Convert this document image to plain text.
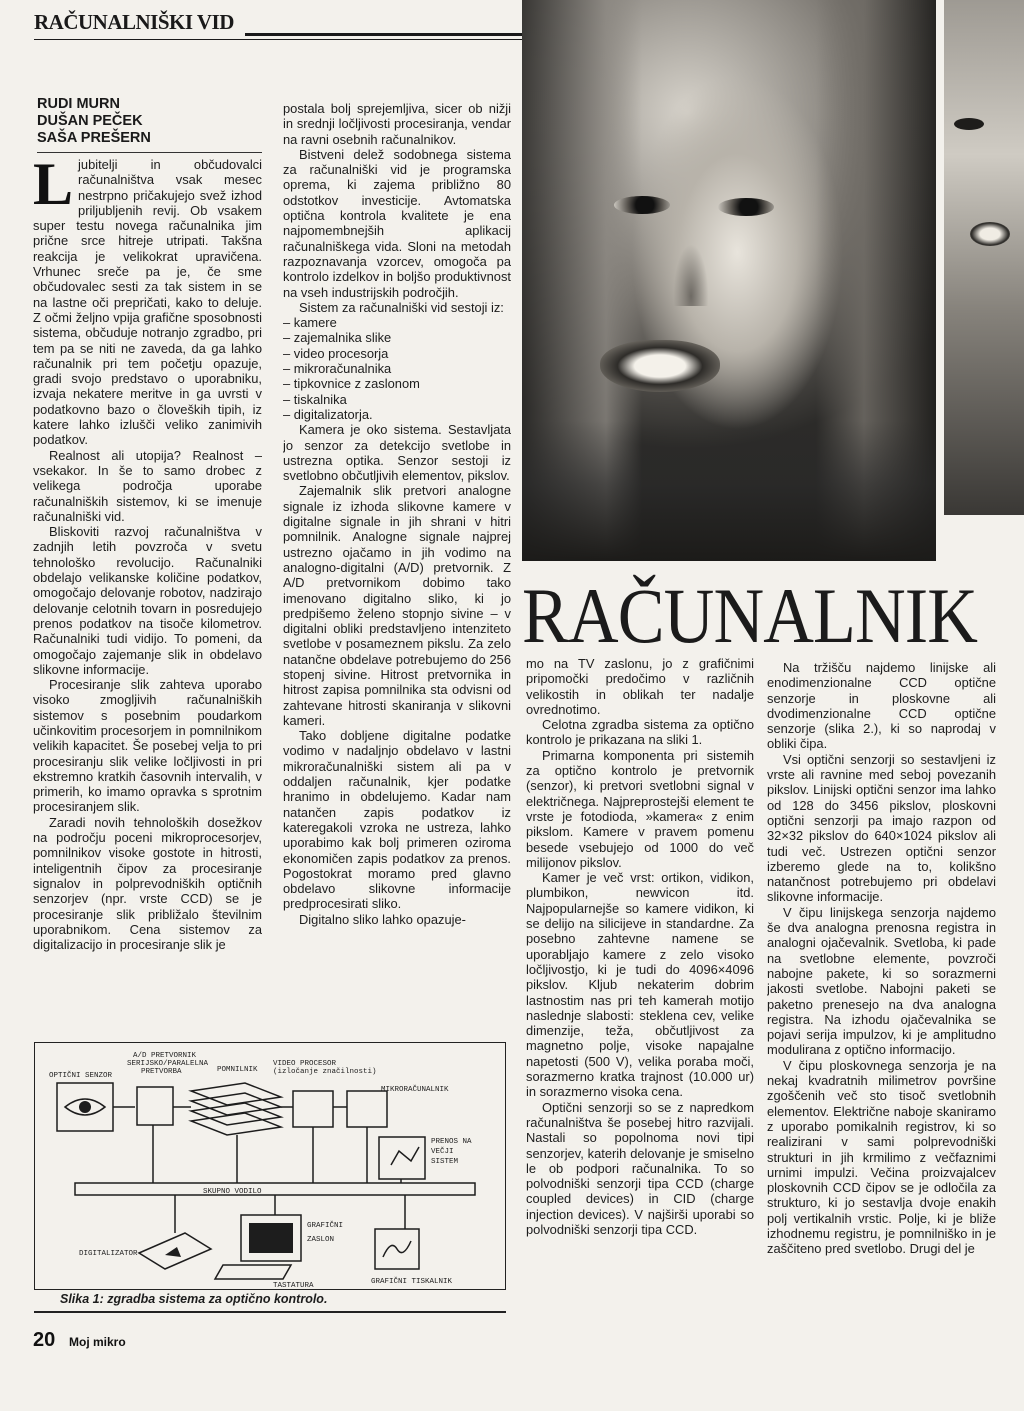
RAČUNALNIŠKI VID
RUDI MURN
DUŠAN PEČEK
SAŠA PREŠERN

Ljubitelji in občudovalci računalništva vsak mesec nestrpno pričakujejo svež izhod priljubljenih revij. Ob vsakem super testu novega računalnika jim prične srce hitreje utripati. Takšna reakcija je velikokrat upravičena. Vrhunec sreče pa je, če sme občudovalec sesti za tak sistem in se na lastne oči prepričati, kako to deluje. Z očmi željno vpija grafične sposobnosti sistema, občuduje notranjo zgradbo, pri tem pa se niti ne zaveda, da ga lahko računalnik pri tem početju opazuje, gradi svojo predstavo o uporabniku, izvaja nekatere meritve in ga uvrsti v podatkovno bazo o človeških tipih, iz katere lahko izlušči veliko zanimivih podatkov.

Realnost ali utopija? Realnost – vsekakor. In še to samo drobec z velikega področja uporabe računalniških sistemov, ki se imenuje računalniški vid.

Bliskoviti razvoj računalništva v zadnjih letih povzroča v svetu tehnološko revolucijo. Računalniki obdelajo velikanske količine podatkov, omogočajo delovanje robotov, nadzirajo delovanje celotnih tovarn in posredujejo prenos podatkov na tisoče kilometrov. Računalniki tudi vidijo. To pomeni, da omogočajo zajemanje slik in obdelavo slikovne informacije.

Procesiranje slik zahteva uporabo visoko zmogljivih računalniških sistemov s posebnim poudarkom učinkovitim procesorjem in pomnilnikom velikih kapacitet. Še posebej velja to pri procesiranju slik velike ločljivosti in pri ekstremno kratkih časovnih intervalih, v primerih, ko imamo opravka s sprotnim procesiranjem slik.

Zaradi novih tehnoloških dosežkov na področju poceni mikroprocesorjev, pomnilnikov visoke gostote in hitrosti, inteligentnih čipov za procesiranje signalov in polprevodniških optičnih senzorjev (npr. vrste CCD) se je procesiranje slik približalo številnim uporabnikom. Cena sistemov za digitalizacijo in procesiranje slik je

postala bolj sprejemljiva, sicer ob nižji in srednji ločljivosti procesiranja, vendar na ravni osebnih računalnikov.

Bistveni delež sodobnega sistema za računalniški vid je programska oprema, ki zajema približno 80 odstotkov investicije. Avtomatska optična kontrola kvalitete je ena najpomembnejših aplikacij računalniškega vida. Sloni na metodah razpoznavanja vzorcev, omogoča pa kontrolo izdelkov in boljšo produktivnost na vseh industrijskih področjih.

Sistem za računalniški vid sestoji iz:

– kamere
– zajemalnika slike
– video procesorja
– mikroračunalnika
– tipkovnice z zaslonom
– tiskalnika
– digitalizatorja.

Kamera je oko sistema. Sestavljata jo senzor za detekcijo svetlobe in ustrezna optika. Senzor sestoji iz svetlobno občutljivih elementov, pikslov.

Zajemalnik slik pretvori analogne signale iz izhoda slikovne kamere v digitalne signale in jih shrani v hitri pomnilnik. Analogne signale najprej ustrezno ojačamo in jih vodimo na analogno-digitalni (A/D) pretvornik. Z A/D pretvornikom dobimo tako imenovano digitalno sliko, ki jo predpišemo želeno stopnjo sivine – v digitalni obliki predstavljeno intenziteto svetlobe v posameznem pikslu. Za zelo natančne obdelave potrebujemo do 256 stopenj sivine. Hitrost pretvornika in hitrost zapisa pomnilnika sta odvisni od zahtevane hitrosti skaniranja v slikovni kameri.

Tako dobljene digitalne podatke vodimo v nadaljnjo obdelavo v lastni mikroračunalniški sistem ali pa v oddaljen računalnik, kjer podatke hranimo in obdelujemo. Kadar nam natančen zapis podatkov iz kateregakoli vzroka ne ustreza, lahko uporabimo kak bolj primeren oziroma ekonomičen zapis podatkov za prenos. Pogostokrat moramo pred glavno obdelavo slikovne informacije predprocesirati sliko.

Digitalno sliko lahko opazuje-

RAČUNALNIK

mo na TV zaslonu, jo z grafičnimi pripomočki predočimo v različnih velikostih in oblikah ter nadalje ovrednotimo.

Celotna zgradba sistema za optično kontrolo je prikazana na sliki 1.

Primarna komponenta pri sistemih za optično kontrolo je pretvornik (senzor), ki pretvori svetlobni signal v električnega. Najpreprostejši element te vrste je fotodioda, »kamera« z enim pikslom. Kamere v pravem pomenu besede vsebujejo od 1000 do več milijonov pikslov.

Kamer je več vrst: ortikon, vidikon, plumbikon, newvicon itd. Najpopularnejše so kamere vidikon, ki se delijo na silicijeve in standardne. Za posebno zahtevne namene se uporabljajo kamere z zelo visoko ločljivostjo, ki je tudi do 4096×4096 pikslov. Kljub nekaterim dobrim lastnostim nas pri teh kamerah motijo naslednje slabosti: steklena cev, velike dimenzije, teža, občutljivost za magnetno polje, visoke napajalne napetosti (500 V), velika poraba moči, sorazmerno kratka trajnost (10.000 ur) in sorazmerno visoka cena.

Optični senzorji so se z napredkom računalništva še posebej hitro razvijali. Nastali so popolnoma novi tipi senzorjev, katerih delovanje je smiselno le ob podpori računalnika. To so polvodniški senzorji tipa CCD (charge coupled devices) in CID (charge injection devices). V najširši uporabi so polvodniški senzorji tipa CCD.

Na tržišču najdemo linijske ali enodimenzionalne CCD optične senzorje in ploskovne ali dvodimenzionalne CCD optične senzorje (slika 2.), ki so naprodaj v obliki čipa.

Vsi optični senzorji so sestavljeni iz vrste ali ravnine med seboj povezanih pikslov. Linijski optični senzor ima lahko od 128 do 3456 pikslov, ploskovni optični senzorji pa imajo razpon od 32×32 pikslov do 640×1024 pikslov ali tudi več. Ustrezen optični senzor izberemo glede na to, kolikšno natančnost potrebujemo pri obdelavi slikovne informacije.

V čipu linijskega senzorja najdemo še dva analogna prenosna registra in analogni ojačevalnik. Svetloba, ki pade na svetlobne elemente, povzroči nabojne pakete, ki so sorazmerni jakosti svetlobe. Nabojni paketi se paketno prenesejo na dva analogna registra. Na izhodu ojačevalnika se pojavi serija impulzov, ki je amplitudno modulirana z optično informacijo.

V čipu ploskovnega senzorja je na nekaj kvadratnih milimetrov površine zgoščenih več sto tisoč svetlobnih elementov. Električne naboje skaniramo z uporabo pomikalnih registrov, ki so realizirani v sami polprevodniški strukturi in jih krmilimo z večfaznimi urnimi impulzi. Večina proizvajalcev ploskovnih CCD čipov se je odločila za strukturo, ki jo sestavlja dvoje enakih polj vertikalnih vrstic. Polje, ki je bliže izhodnemu registru, je pomnilniško in je zaščiteno pred svetlobo. Drugi del je

OPTIČNI SENZOR
A/D PRETVORNIK
SERIJSKO/PARALELNA
PRETVORBA	POMNILNIK
VIDEO PROCESOR
(izločanje značilnosti)
MIKRORAČUNALNIK
PRENOS NA
VEČJI
SISTEM
SKUPNO VODILO
DIGITALIZATOR
GRAFIČNI
ZASLON
TASTATURA	GRAFIČNI TISKALNIK
Slika 1: zgradba sistema za optično kontrolo.
20 Moj mikro
